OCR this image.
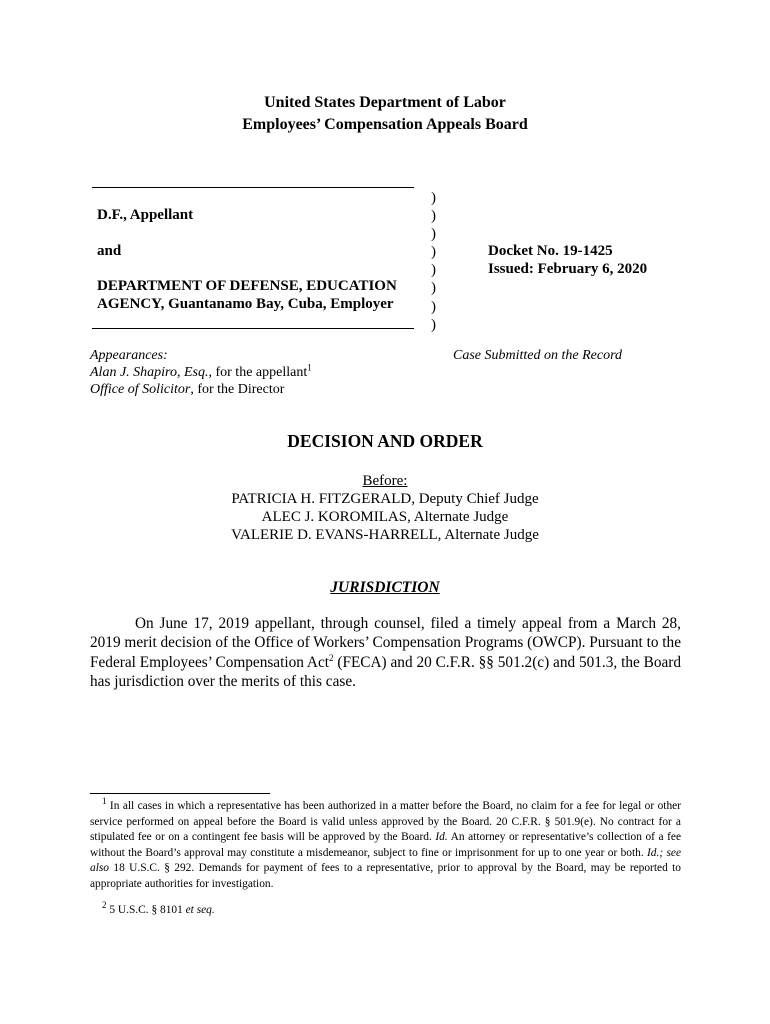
United States Department of Labor
Employees’ Compensation Appeals Board
D.F., Appellant
and
DEPARTMENT OF DEFENSE, EDUCATION
AGENCY, Guantanamo Bay, Cuba, Employer
)
)
)
)
)
)
)
)
Docket No. 19-1425
Issued: February 6, 2020
Appearances:
Alan J. Shapiro, Esq., for the appellant$^1$
Office of Solicitor, for the Director
Case Submitted on the Record
DECISION AND ORDER
Before:
PATRICIA H. FITZGERALD, Deputy Chief Judge
ALEC J. KOROMILAS, Alternate Judge
VALERIE D. EVANS-HARRELL, Alternate Judge
JURISDICTION
On June 17, 2019 appellant, through counsel, filed a timely appeal from a March 28, 2019 merit decision of the Office of Workers’ Compensation Programs (OWCP). Pursuant to the Federal Employees’ Compensation Act$^2$ (FECA) and 20 C.F.R. §§ 501.2(c) and 501.3, the Board has jurisdiction over the merits of this case.
$^1$ In all cases in which a representative has been authorized in a matter before the Board, no claim for a fee for legal or other service performed on appeal before the Board is valid unless approved by the Board. 20 C.F.R. § 501.9(e). No contract for a stipulated fee or on a contingent fee basis will be approved by the Board. Id. An attorney or representative’s collection of a fee without the Board’s approval may constitute a misdemeanor, subject to fine or imprisonment for up to one year or both. Id.; see also 18 U.S.C. § 292. Demands for payment of fees to a representative, prior to approval by the Board, may be reported to appropriate authorities for investigation.
$^2$ 5 U.S.C. § 8101 et seq.
